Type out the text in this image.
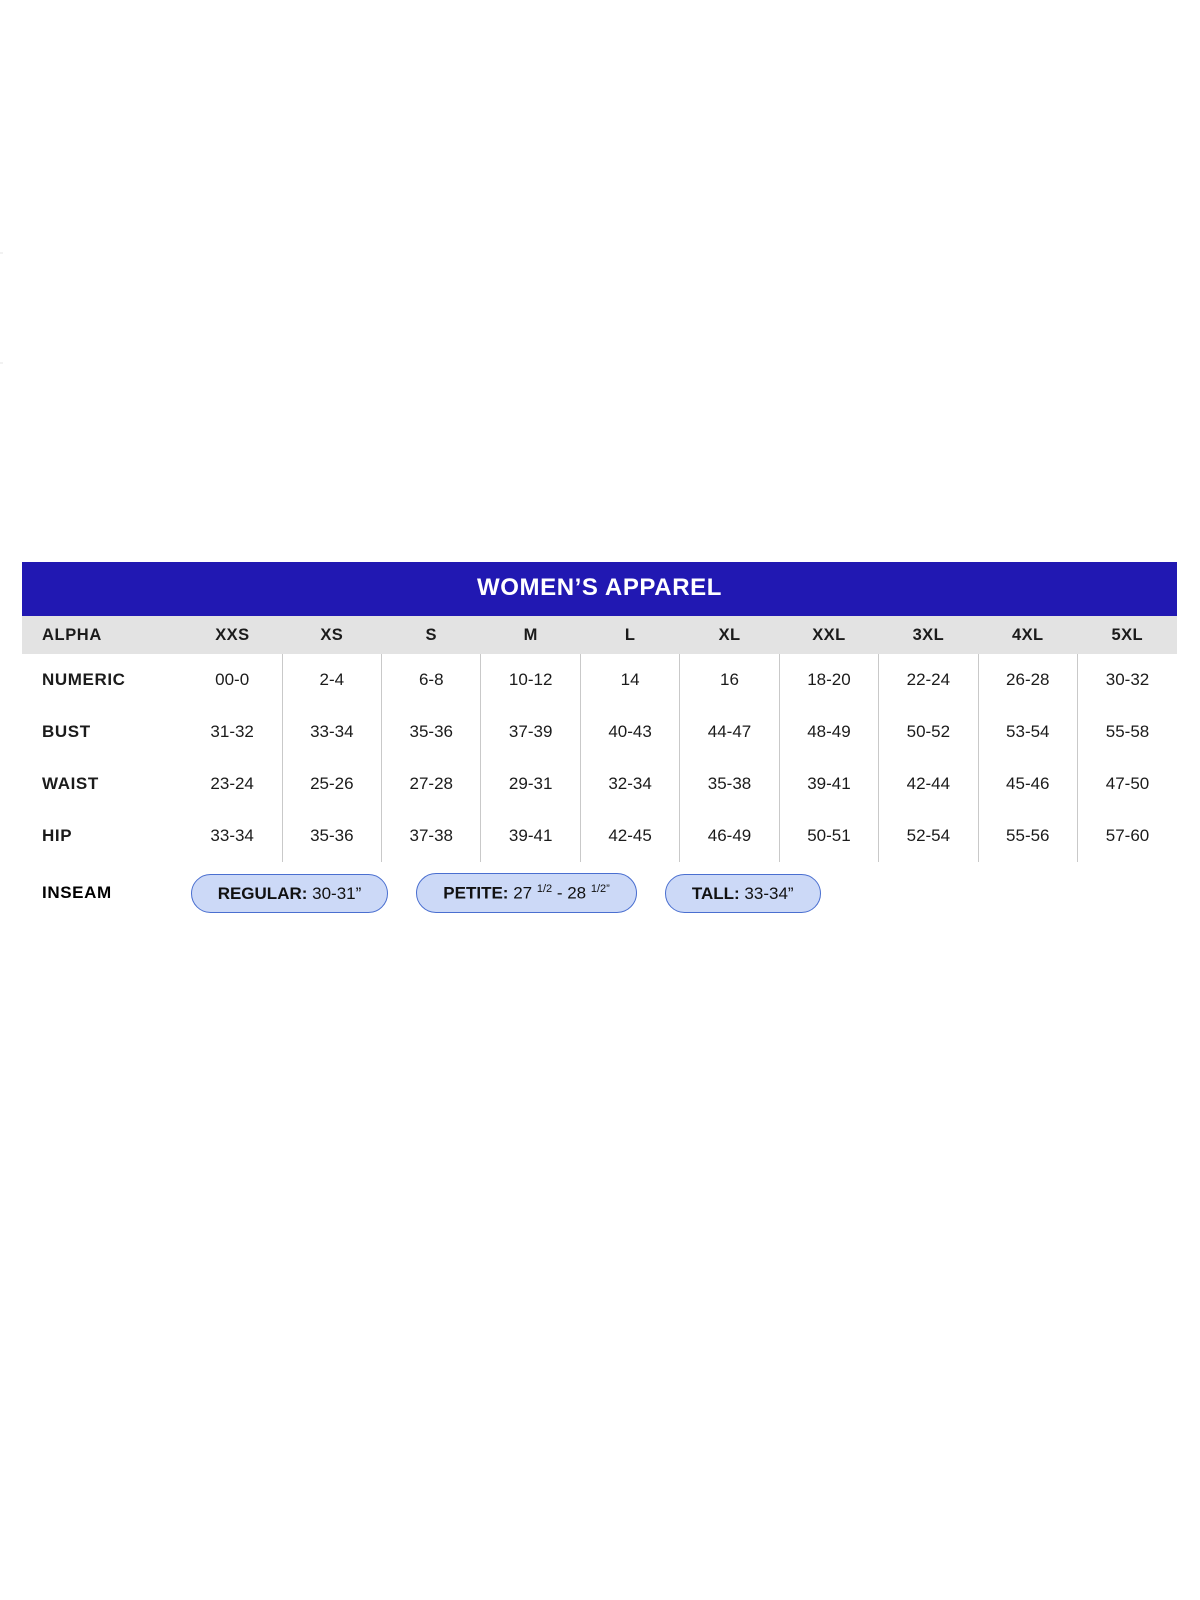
WOMEN’S APPAREL
ALPHA	XXS	XS	S	M	L	XL	XXL	3XL	4XL	5XL
NUMERIC	00-0	2-4	6-8	10-12	14	16	18-20	22-24	26-28	30-32
BUST	31-32	33-34	35-36	37-39	40-43	44-47	48-49	50-52	53-54	55-58
WAIST	23-24	25-26	27-28	29-31	32-34	35-38	39-41	42-44	45-46	47-50
HIP	33-34	35-36	37-38	39-41	42-45	46-49	50-51	52-54	55-56	57-60
INSEAM	REGULAR: 30-31” PETITE: 27 $^{1/2}$ - 28 $^{1/2”}$ TALL: 33-34”									
